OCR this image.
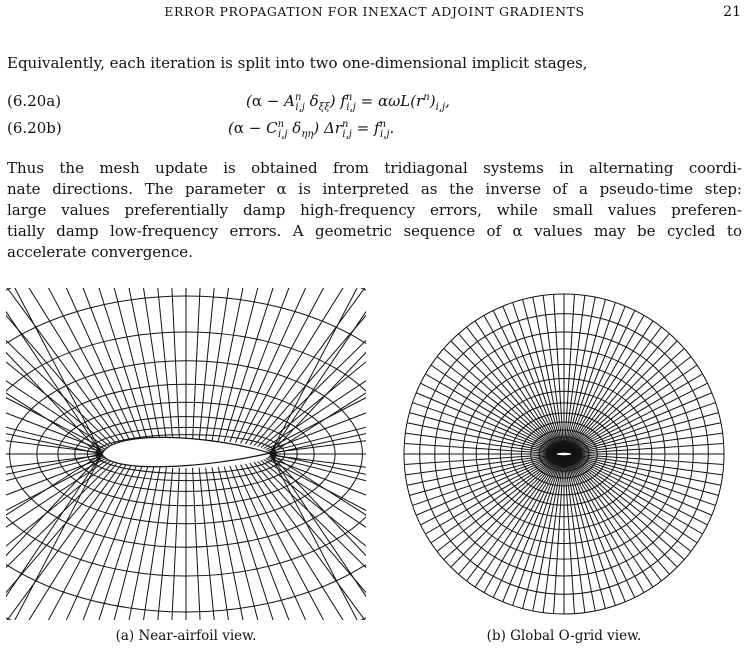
ERROR PROPAGATION FOR INEXACT ADJOINT GRADIENTS	21
Equivalently, each iteration is split into two one-dimensional implicit stages,
(6.20a)	($\alpha - A^n_{i,j}$ $\delta_{\xi\xi}$) $f^n_{i,j} = \alpha\omega L(r^n)_{i,j}$,
(6.20b)	($\alpha - C^n_{i,j}$ $\delta_{\eta\eta}$) $\Delta r^n_{i,j} = f^n_{i,j}$.
Thus the mesh update is obtained from tridiagonal systems in alternating coordi-
nate directions. The parameter α is interpreted as the inverse of a pseudo-time step:
large values preferentially damp high-frequency errors, while small values preferen-
tially damp low-frequency errors. A geometric sequence of α values may be cycled to
accelerate convergence.
(a) Near-airfoil view.	(b) Global O-grid view.
